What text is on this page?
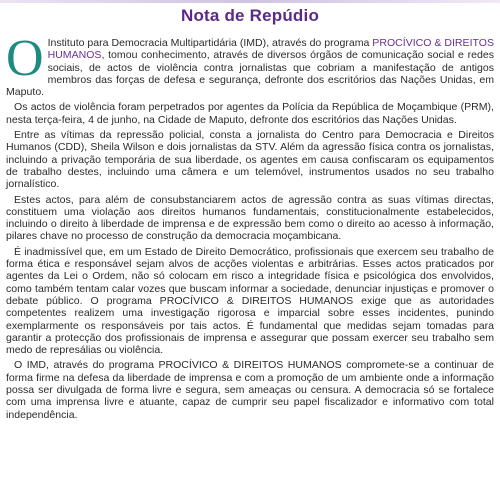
Nota de Repúdio
O Instituto para Democracia Multipartidária (IMD), através do programa PROCÍVICO & DIREITOS HUMANOS, tomou conhecimento, através de diversos órgãos de comunicação social e redes sociais, de actos de violência contra jornalistas que cobriam a manifestação de antigos membros das forças de defesa e segurança, defronte dos escritórios das Nações Unidas, em Maputo.

Os actos de violência foram perpetrados por agentes da Polícia da República de Moçambique (PRM), nesta terça-feira, 4 de junho, na Cidade de Maputo, defronte dos escritórios das Nações Unidas.

Entre as vítimas da repressão policial, consta a jornalista do Centro para Democracia e Direitos Humanos (CDD), Sheila Wilson e dois jornalistas da STV. Além da agressão física contra os jornalistas, incluindo a privação temporária de sua liberdade, os agentes em causa confiscaram os equipamentos de trabalho destes, incluindo uma câmera e um telemóvel, instrumentos usados no seu trabalho jornalístico.

Estes actos, para além de consubstanciarem actos de agressão contra as suas vítimas directas, constituem uma violação aos direitos humanos fundamentais, constitucionalmente estabelecidos, incluindo o direito à liberdade de imprensa e de expressão bem como o direito ao acesso à informação, pilares chave no processo de construção da democracia moçambicana.

É inadmissível que, em um Estado de Direito Democrático, profissionais que exercem seu trabalho de forma ética e responsável sejam alvos de acções violentas e arbitrárias. Esses actos praticados por agentes da Lei o Ordem, não só colocam em risco a integridade física e psicológica dos envolvidos, como também tentam calar vozes que buscam informar a sociedade, denunciar injustiças e promover o debate público. O programa PROCÍVICO & DIREITOS HUMANOS exige que as autoridades competentes realizem uma investigação rigorosa e imparcial sobre esses incidentes, punindo exemplarmente os responsáveis por tais actos. É fundamental que medidas sejam tomadas para garantir a protecção dos profissionais de imprensa e assegurar que possam exercer seu trabalho sem medo de represálias ou violência.

O IMD, através do programa PROCÍVICO & DIREITOS HUMANOS compromete-se a continuar de forma firme na defesa da liberdade de imprensa e com a promoção de um ambiente onde a informação possa ser divulgada de forma livre e segura, sem ameaças ou censura. A democracia só se fortalece com uma imprensa livre e atuante, capaz de cumprir seu papel fiscalizador e informativo com total independência.
